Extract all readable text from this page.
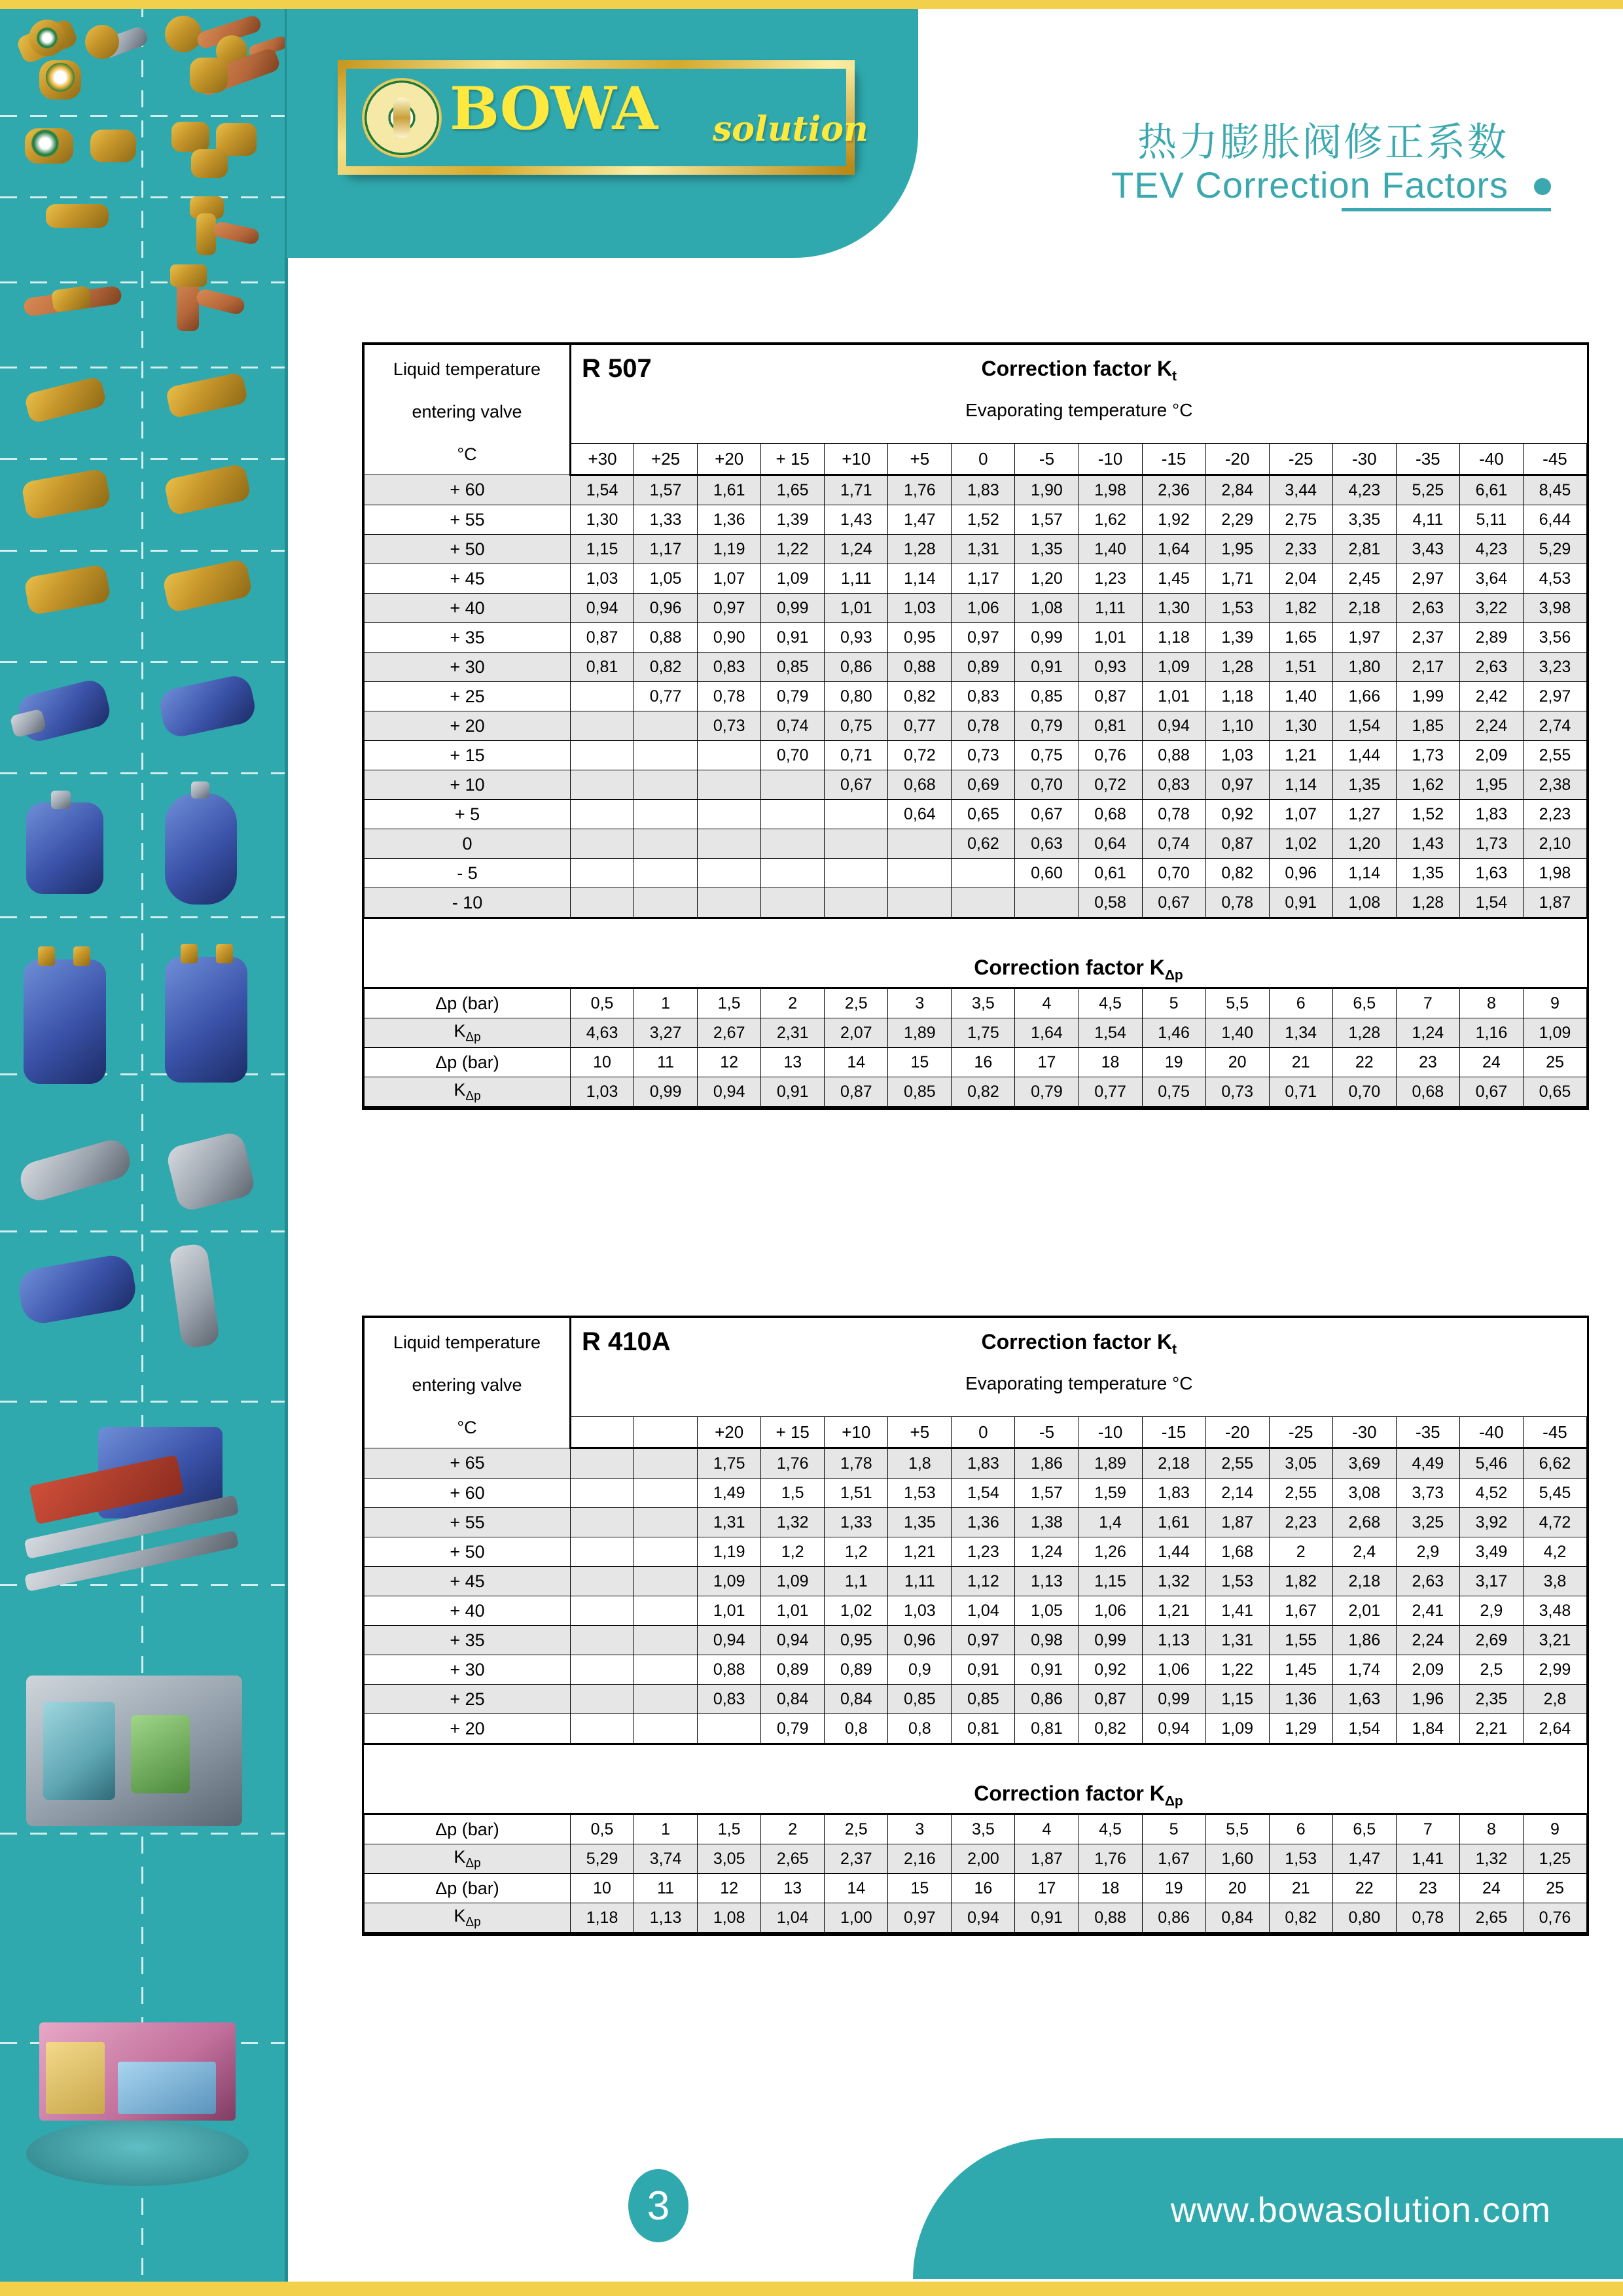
BOWA solution	热力膨胀阀修正系数
TEV Correction Factors
Liquid temperature
entering valve
°C	R 507 Correction factor $K_t$
Evaporating temperature °C															

	+30	+25	+20	+ 15	+10	+5	0	-5	-10	-15	-20	-25	-30	-35	-40	-45
+ 60	1,54	1,57	1,61	1,65	1,71	1,76	1,83	1,90	1,98	2,36	2,84	3,44	4,23	5,25	6,61	8,45
+ 55	1,30	1,33	1,36	1,39	1,43	1,47	1,52	1,57	1,62	1,92	2,29	2,75	3,35	4,11	5,11	6,44
+ 50	1,15	1,17	1,19	1,22	1,24	1,28	1,31	1,35	1,40	1,64	1,95	2,33	2,81	3,43	4,23	5,29
+ 45	1,03	1,05	1,07	1,09	1,11	1,14	1,17	1,20	1,23	1,45	1,71	2,04	2,45	2,97	3,64	4,53
+ 40	0,94	0,96	0,97	0,99	1,01	1,03	1,06	1,08	1,11	1,30	1,53	1,82	2,18	2,63	3,22	3,98
+ 35	0,87	0,88	0,90	0,91	0,93	0,95	0,97	0,99	1,01	1,18	1,39	1,65	1,97	2,37	2,89	3,56
+ 30	0,81	0,82	0,83	0,85	0,86	0,88	0,89	0,91	0,93	1,09	1,28	1,51	1,80	2,17	2,63	3,23
+ 25		0,77	0,78	0,79	0,80	0,82	0,83	0,85	0,87	1,01	1,18	1,40	1,66	1,99	2,42	2,97
+ 20			0,73	0,74	0,75	0,77	0,78	0,79	0,81	0,94	1,10	1,30	1,54	1,85	2,24	2,74
+ 15				0,70	0,71	0,72	0,73	0,75	0,76	0,88	1,03	1,21	1,44	1,73	2,09	2,55
+ 10					0,67	0,68	0,69	0,70	0,72	0,83	0,97	1,14	1,35	1,62	1,95	2,38
+ 5						0,64	0,65	0,67	0,68	0,78	0,92	1,07	1,27	1,52	1,83	2,23
0							0,62	0,63	0,64	0,74	0,87	1,02	1,20	1,43	1,73	2,10
- 5								0,60	0,61	0,70	0,82	0,96	1,14	1,35	1,63	1,98
- 10									0,58	0,67	0,78	0,91	1,08	1,28	1,54	1,87

	Correction factor $K_{\Delta p}$

Δp (bar)	0,5	1	1,5	2	2,5	3	3,5	4	4,5	5	5,5	6	6,5	7	8	9
$K_{\Delta p}$	4,63	3,27	2,67	2,31	2,07	1,89	1,75	1,64	1,54	1,46	1,40	1,34	1,28	1,24	1,16	1,09
Δp (bar)	10	11	12	13	14	15	16	17	18	19	20	21	22	23	24	25
$K_{\Delta p}$	1,03	0,99	0,94	0,91	0,87	0,85	0,82	0,79	0,77	0,75	0,73	0,71	0,70	0,68	0,67	0,65
Liquid temperature
entering valve
°C	R 410A Correction factor $K_t$
Evaporating temperature °C															

			+20	+ 15	+10	+5	0	-5	-10	-15	-20	-25	-30	-35	-40	-45
+ 65			1,75	1,76	1,78	1,8	1,83	1,86	1,89	2,18	2,55	3,05	3,69	4,49	5,46	6,62
+ 60			1,49	1,5	1,51	1,53	1,54	1,57	1,59	1,83	2,14	2,55	3,08	3,73	4,52	5,45
+ 55			1,31	1,32	1,33	1,35	1,36	1,38	1,4	1,61	1,87	2,23	2,68	3,25	3,92	4,72
+ 50			1,19	1,2	1,2	1,21	1,23	1,24	1,26	1,44	1,68	2	2,4	2,9	3,49	4,2
+ 45			1,09	1,09	1,1	1,11	1,12	1,13	1,15	1,32	1,53	1,82	2,18	2,63	3,17	3,8
+ 40			1,01	1,01	1,02	1,03	1,04	1,05	1,06	1,21	1,41	1,67	2,01	2,41	2,9	3,48
+ 35			0,94	0,94	0,95	0,96	0,97	0,98	0,99	1,13	1,31	1,55	1,86	2,24	2,69	3,21
+ 30			0,88	0,89	0,89	0,9	0,91	0,91	0,92	1,06	1,22	1,45	1,74	2,09	2,5	2,99
+ 25			0,83	0,84	0,84	0,85	0,85	0,86	0,87	0,99	1,15	1,36	1,63	1,96	2,35	2,8
+ 20				0,79	0,8	0,8	0,81	0,81	0,82	0,94	1,09	1,29	1,54	1,84	2,21	2,64

	Correction factor $K_{\Delta p}$

Δp (bar)	0,5	1	1,5	2	2,5	3	3,5	4	4,5	5	5,5	6	6,5	7	8	9
$K_{\Delta p}$	5,29	3,74	3,05	2,65	2,37	2,16	2,00	1,87	1,76	1,67	1,60	1,53	1,47	1,41	1,32	1,25
Δp (bar)	10	11	12	13	14	15	16	17	18	19	20	21	22	23	24	25
$K_{\Delta p}$	1,18	1,13	1,08	1,04	1,00	0,97	0,94	0,91	0,88	0,86	0,84	0,82	0,80	0,78	2,65	0,76
www.bowasolution.com
3
